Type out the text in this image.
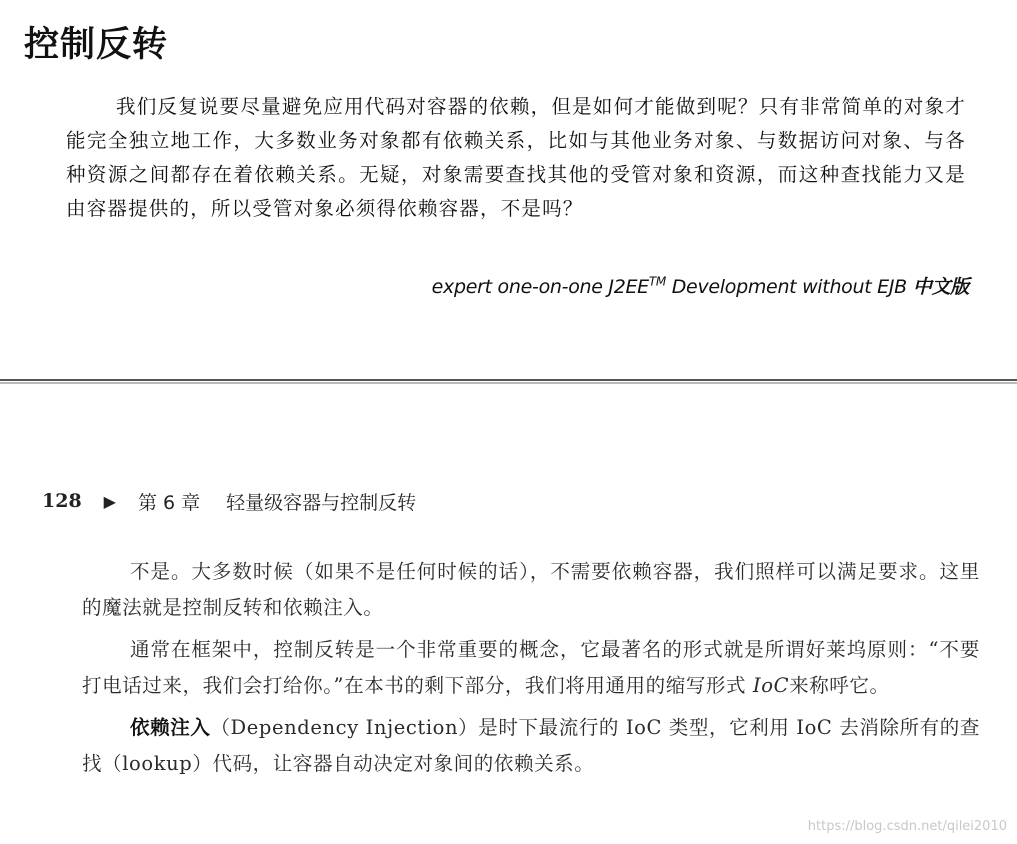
控制反转

我们反复说要尽量避免应用代码对容器的依赖，但是如何才能做到呢？只有非常简单的对象才能完全独立地工作，大多数业务对象都有依赖关系，比如与其他业务对象、与数据访问对象、与各种资源之间都存在着依赖关系。无疑，对象需要查找其他的受管对象和资源，而这种查找能力又是由容器提供的，所以受管对象必须得依赖容器，不是吗？

expert one-on-one J2EE™ Development without EJB 中文版

128 ▶ 第 6 章 轻量级容器与控制反转

不是。大多数时候（如果不是任何时候的话），不需要依赖容器，我们照样可以满足要求。这里的魔法就是控制反转和依赖注入。

通常在框架中，控制反转是一个非常重要的概念，它最著名的形式就是所谓好莱坞原则：“不要打电话过来，我们会打给你。”在本书的剩下部分，我们将用通用的缩写形式 IoC来称呼它。

依赖注入（Dependency Injection）是时下最流行的 IoC 类型，它利用 IoC 去消除所有的查找（lookup）代码，让容器自动决定对象间的依赖关系。

https://blog.csdn.net/qilei2010
